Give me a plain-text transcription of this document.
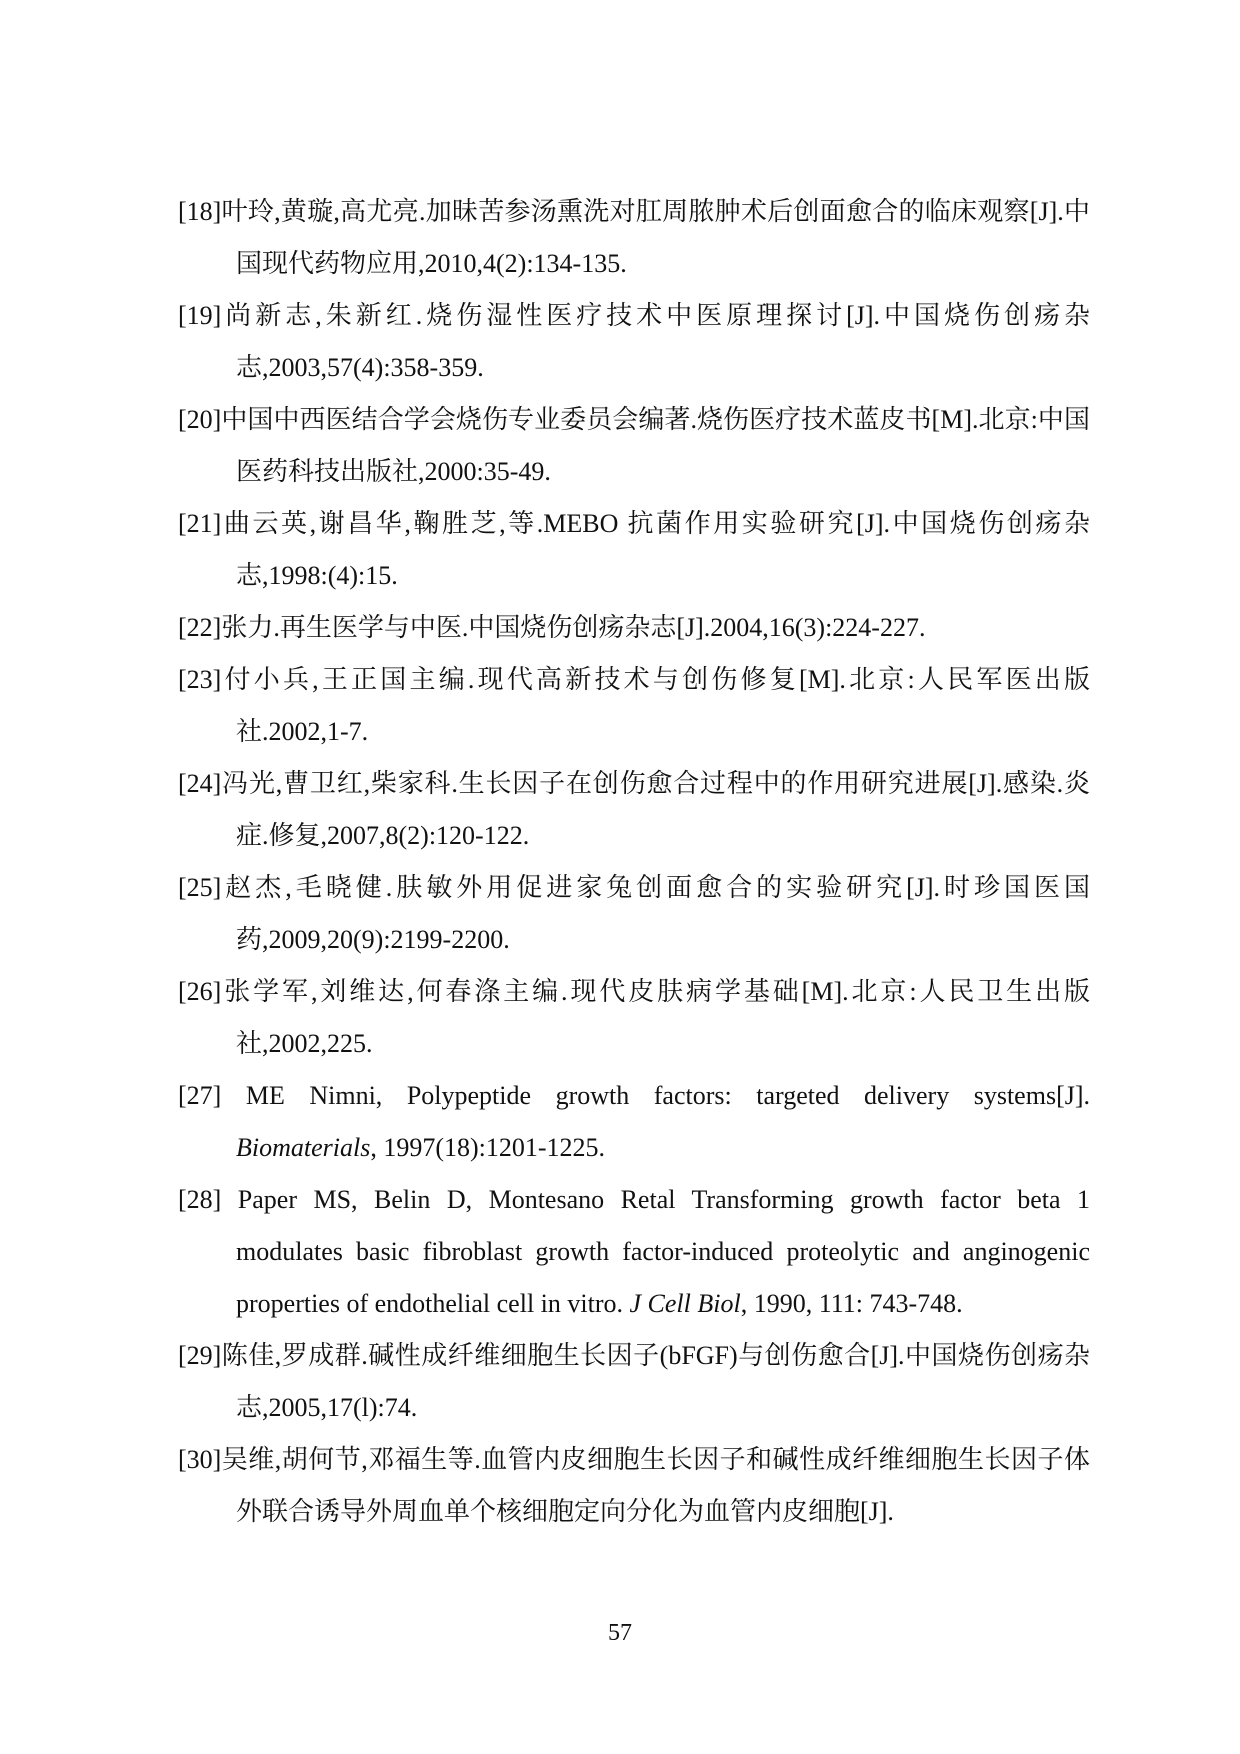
[18]叶玲,黄璇,高尤亮.加昧苦参汤熏洗对肛周脓肿术后创面愈合的临床观察[J].中国现代药物应用,2010,4(2):134-135.
[19]尚新志,朱新红.烧伤湿性医疗技术中医原理探讨[J].中国烧伤创疡杂志,2003,57(4):358-359.
[20]中国中西医结合学会烧伤专业委员会编著.烧伤医疗技术蓝皮书[M].北京:中国医药科技出版社,2000:35-49.
[21]曲云英,谢昌华,鞠胜芝,等.MEBO 抗菌作用实验研究[J].中国烧伤创疡杂志,1998:(4):15.
[22]张力.再生医学与中医.中国烧伤创疡杂志[J].2004,16(3):224-227.
[23]付小兵,王正国主编.现代高新技术与创伤修复[M].北京:人民军医出版社.2002,1-7.
[24]冯光,曹卫红,柴家科.生长因子在创伤愈合过程中的作用研究进展[J].感染.炎症.修复,2007,8(2):120-122.
[25]赵杰,毛晓健.肤敏外用促进家兔创面愈合的实验研究[J].时珍国医国药,2009,20(9):2199-2200.
[26]张学军,刘维达,何春涤主编.现代皮肤病学基础[M].北京:人民卫生出版社,2002,225.
[27] ME Nimni, Polypeptide growth factors: targeted delivery systems[J]. Biomaterials, 1997(18):1201-1225.
[28] Paper MS, Belin D, Montesano Retal Transforming growth factor beta 1 modulates basic fibroblast growth factor-induced proteolytic and anginogenic properties of endothelial cell in vitro. J Cell Biol, 1990, 111: 743-748.
[29]陈佳,罗成群.碱性成纤维细胞生长因子(bFGF)与创伤愈合[J].中国烧伤创疡杂志,2005,17(l):74.
[30]吴维,胡何节,邓福生等.血管内皮细胞生长因子和碱性成纤维细胞生长因子体外联合诱导外周血单个核细胞定向分化为血管内皮细胞[J].
57
